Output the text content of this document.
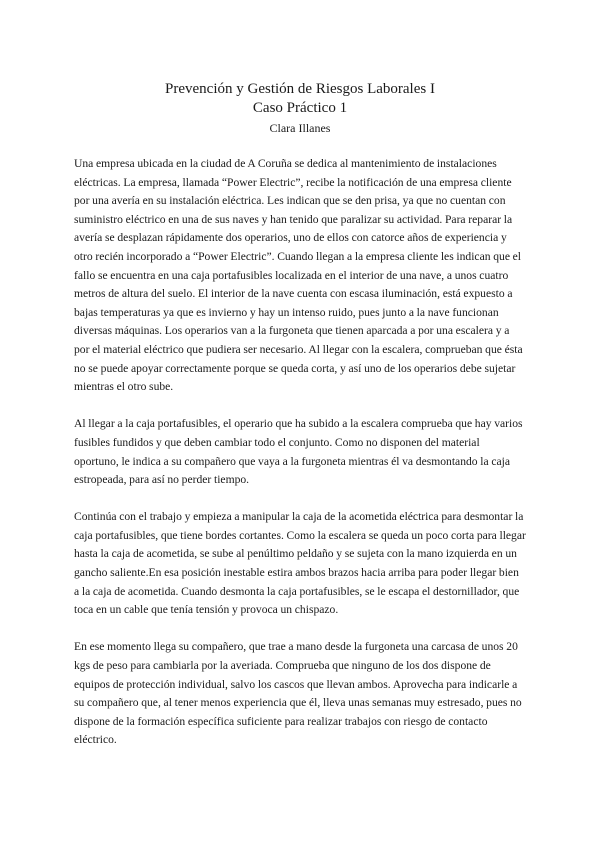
Prevención y Gestión de Riesgos Laborales I
Caso Práctico 1
Clara Illanes

Una empresa ubicada en la ciudad de A Coruña se dedica al mantenimiento de instalaciones eléctricas. La empresa, llamada “Power Electric”, recibe la notificación de una empresa cliente por una avería en su instalación eléctrica. Les indican que se den prisa, ya que no cuentan con suministro eléctrico en una de sus naves y han tenido que paralizar su actividad. Para reparar la avería se desplazan rápidamente dos operarios, uno de ellos con catorce años de experiencia y otro recién incorporado a “Power Electric”. Cuando llegan a la empresa cliente les indican que el fallo se encuentra en una caja portafusibles localizada en el interior de una nave, a unos cuatro metros de altura del suelo. El interior de la nave cuenta con escasa iluminación, está expuesto a bajas temperaturas ya que es invierno y hay un intenso ruido, pues junto a la nave funcionan diversas máquinas. Los operarios van a la furgoneta que tienen aparcada a por una escalera y a por el material eléctrico que pudiera ser necesario. Al llegar con la escalera, comprueban que ésta no se puede apoyar correctamente porque se queda corta, y así uno de los operarios debe sujetar mientras el otro sube.

Al llegar a la caja portafusibles, el operario que ha subido a la escalera comprueba que hay varios fusibles fundidos y que deben cambiar todo el conjunto. Como no disponen del material oportuno, le indica a su compañero que vaya a la furgoneta mientras él va desmontando la caja estropeada, para así no perder tiempo.

Continúa con el trabajo y empieza a manipular la caja de la acometida eléctrica para desmontar la caja portafusibles, que tiene bordes cortantes. Como la escalera se queda un poco corta para llegar hasta la caja de acometida, se sube al penúltimo peldaño y se sujeta con la mano izquierda en un gancho saliente.En esa posición inestable estira ambos brazos hacia arriba para poder llegar bien a la caja de acometida. Cuando desmonta la caja portafusibles, se le escapa el destornillador, que toca en un cable que tenía tensión y provoca un chispazo.

En ese momento llega su compañero, que trae a mano desde la furgoneta una carcasa de unos 20 kgs de peso para cambiarla por la averiada. Comprueba que ninguno de los dos dispone de equipos de protección individual, salvo los cascos que llevan ambos. Aprovecha para indicarle a su compañero que, al tener menos experiencia que él, lleva unas semanas muy estresado, pues no dispone de la formación específica suficiente para realizar trabajos con riesgo de contacto eléctrico.
